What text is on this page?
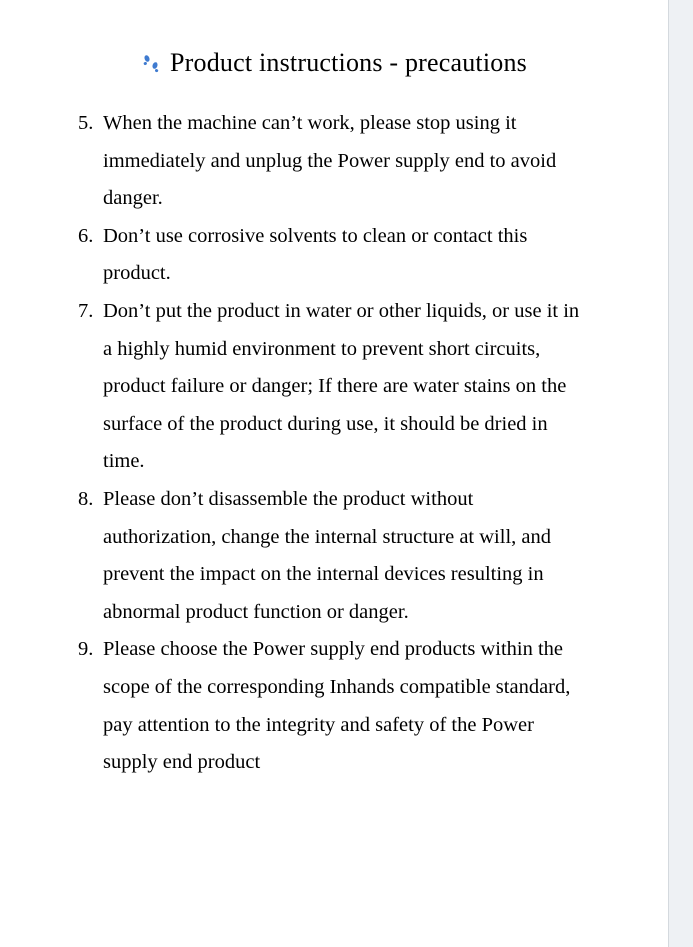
Product instructions - precautions

5. When the machine can’t work, please stop using it immediately and unplug the Power supply end to avoid danger.

6. Don’t use corrosive solvents to clean or contact this product.

7. Don’t put the product in water or other liquids, or use it in a highly humid environment to prevent short circuits, product failure or danger; If there are water stains on the surface of the product during use, it should be dried in time.

8. Please don’t disassemble the product without authorization, change the internal structure at will, and prevent the impact on the internal devices resulting in abnormal product function or danger.

9. Please choose the Power supply end products within the scope of the corresponding Inhands compatible standard, pay attention to the integrity and safety of the Power supply end product
